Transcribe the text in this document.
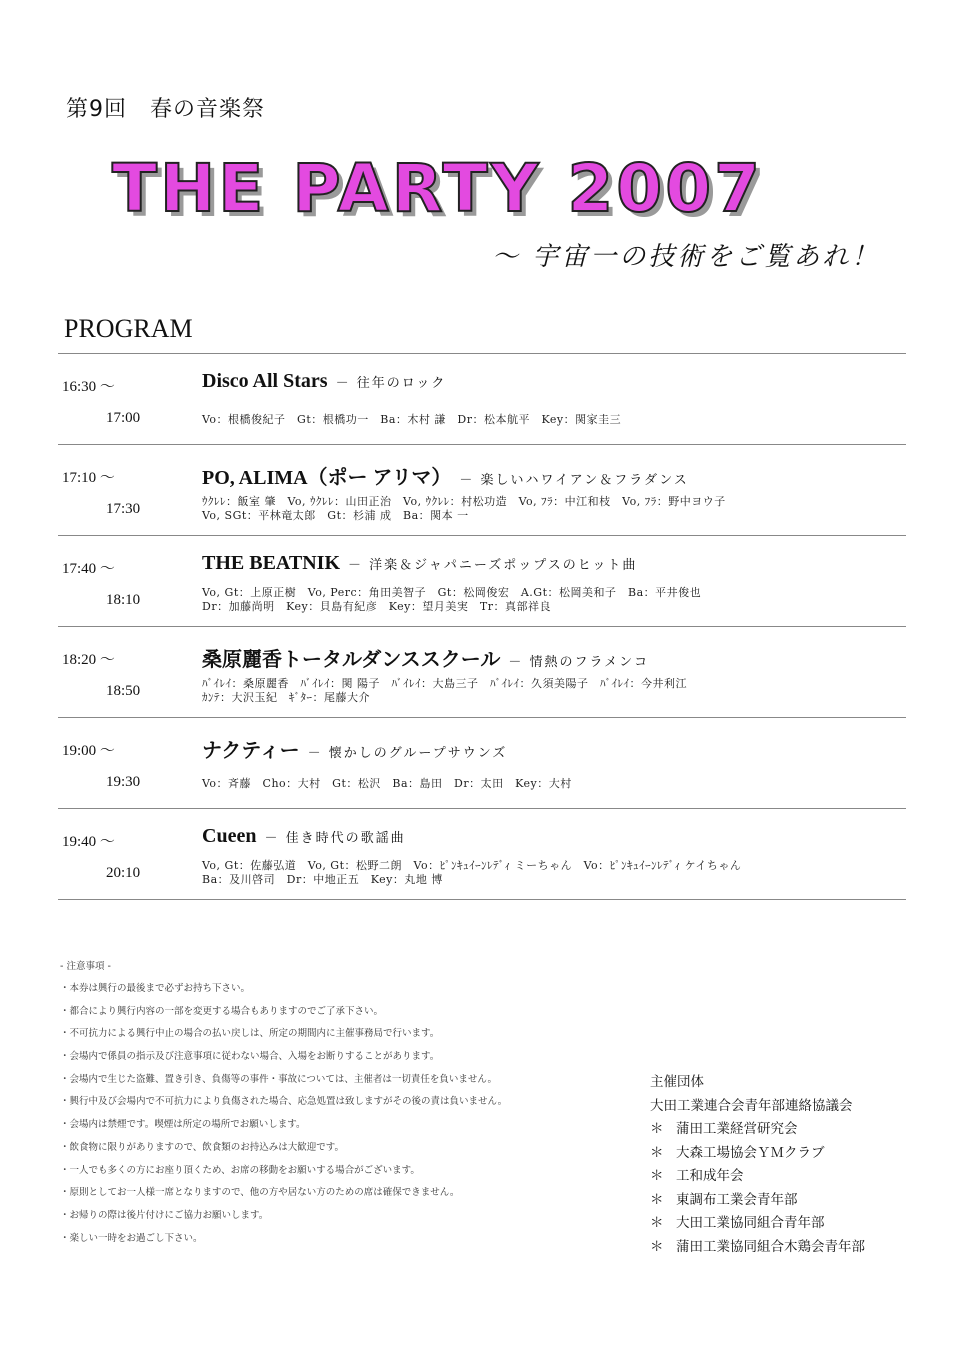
第9回　春の音楽祭
THE PARTY 2007
〜 宇宙一の技術をご覧あれ！
PROGRAM
16:30 〜
17:00
Disco All Stars － 往年のロック
Vo：根橋俊紀子　Gt：根橋功一　Ba：木村 謙　Dr：松本航平　Key：関家圭三
17:10 〜
17:30
PO, ALIMA（ポー アリマ） － 楽しいハワイアン＆フラダンス
ｳｸﾚﾚ：飯室 肇　Vo, ｳｸﾚﾚ：山田正治　Vo, ｳｸﾚﾚ：村松功造　Vo, ﾌﾗ：中江和枝　Vo, ﾌﾗ：野中ヨウ子
Vo, SGt：平林竜太郎　Gt：杉浦 成　Ba：関本 一
17:40 〜
18:10
THE BEATNIK － 洋楽＆ジャパニーズポップスのヒット曲
Vo, Gt：上原正樹　Vo, Perc：角田美智子　Gt：松岡俊宏　A.Gt：松岡美和子　Ba：平井俊也
Dr：加藤尚明　Key：貝島有紀彦　Key：望月美実　Tr：真部祥良
18:20 〜
18:50
桑原麗香トータルダンススクール － 情熱のフラメンコ
ﾊﾞｲﾚｲ：桑原麗香　ﾊﾞｲﾚｲ：関 陽子　ﾊﾞｲﾚｲ：大島三子　ﾊﾞｲﾚｲ：久須美陽子　ﾊﾞｲﾚｲ：今井利江
ｶﾝﾃ：大沢玉紀　ｷﾞﾀｰ：尾藤大介
19:00 〜
19:30
ナクティー － 懐かしのグループサウンズ
Vo：斉藤　Cho：大村　Gt：松沢　Ba：島田　Dr：太田　Key：大村
19:40 〜
20:10
Cueen － 佳き時代の歌謡曲
Vo, Gt：佐藤弘道　Vo, Gt：松野二朗　Vo：ﾋﾟﾝｷｭｲｰﾝﾚﾃﾞｨ ミーちゃん　Vo：ﾋﾟﾝｷｭｲｰﾝﾚﾃﾞｨ ケイちゃん
Ba：及川啓司　Dr：中地正五　Key：丸地 博
- 注意事項 -
・本券は興行の最後まで必ずお持ち下さい。
・都合により興行内容の一部を変更する場合もありますのでご了承下さい。
・不可抗力による興行中止の場合の払い戻しは、所定の期間内に主催事務局で行います。
・会場内で係員の指示及び注意事項に従わない場合、入場をお断りすることがあります。
・会場内で生じた盗難、置き引き、負傷等の事件・事故については、主催者は一切責任を負いません。
・興行中及び会場内で不可抗力により負傷された場合、応急処置は致しますがその後の責は負いません。
・会場内は禁煙です。喫煙は所定の場所でお願いします。
・飲食物に限りがありますので、飲食類のお持込みは大歓迎です。
・一人でも多くの方にお座り頂くため、お席の移動をお願いする場合がございます。
・原則としてお一人様一席となりますので、他の方や居ない方のための席は確保できません。
・お帰りの際は後片付けにご協力お願いします。
・楽しい一時をお過ごし下さい。
主催団体
大田工業連合会青年部連絡協議会
＊ 蒲田工業経営研究会
＊ 大森工場協会ＹＭクラブ
＊ 工和成年会
＊ 東調布工業会青年部
＊ 大田工業協同組合青年部
＊ 蒲田工業協同組合木鶏会青年部
